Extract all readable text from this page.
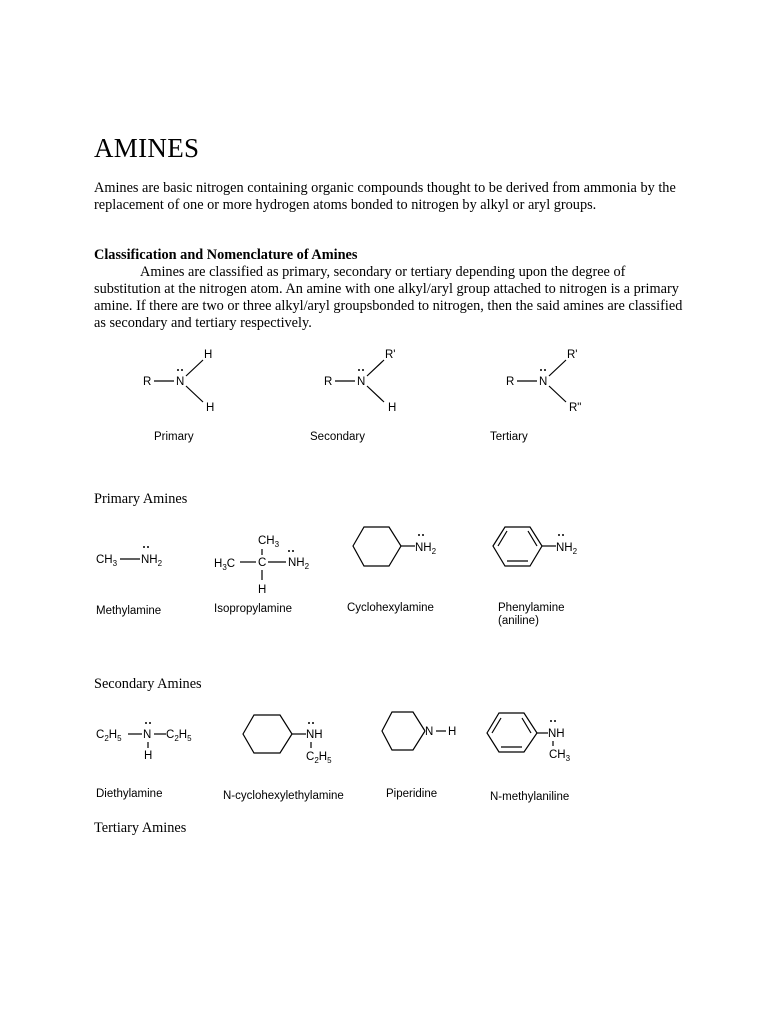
AMINES
Amines are basic nitrogen containing organic compounds thought to be derived from ammonia by the replacement of one or more hydrogen atoms bonded to nitrogen by alkyl or aryl groups.
Classification and Nomenclature of Amines
Amines are classified as primary, secondary or tertiary depending upon the degree of substitution at the nitrogen atom. An amine with one alkyl/aryl group attached to nitrogen is a primary amine. If there are two or three alkyl/aryl groupsbonded to nitrogen, then the said amines are classified as secondary and tertiary respectively.
Primary Amines
Secondary Amines
Tertiary Amines
R N
H
H
Primary
R N
R'
H
Secondary
R N
R'
R"
Tertiary
$CH_3$ $NH_2$
Methylamine
$CH_3$
$H_3C$ C $NH_2$
H
Isopropylamine
$NH_2$
Cyclohexylamine
$NH_2$
Phenylamine
(aniline)
$C_2H_5$ N $C_2H_5$
H
Diethylamine
NH
$C_2H_5$
N-cyclohexylethylamine
N H
Piperidine
NH
$CH_3$
N-methylaniline
